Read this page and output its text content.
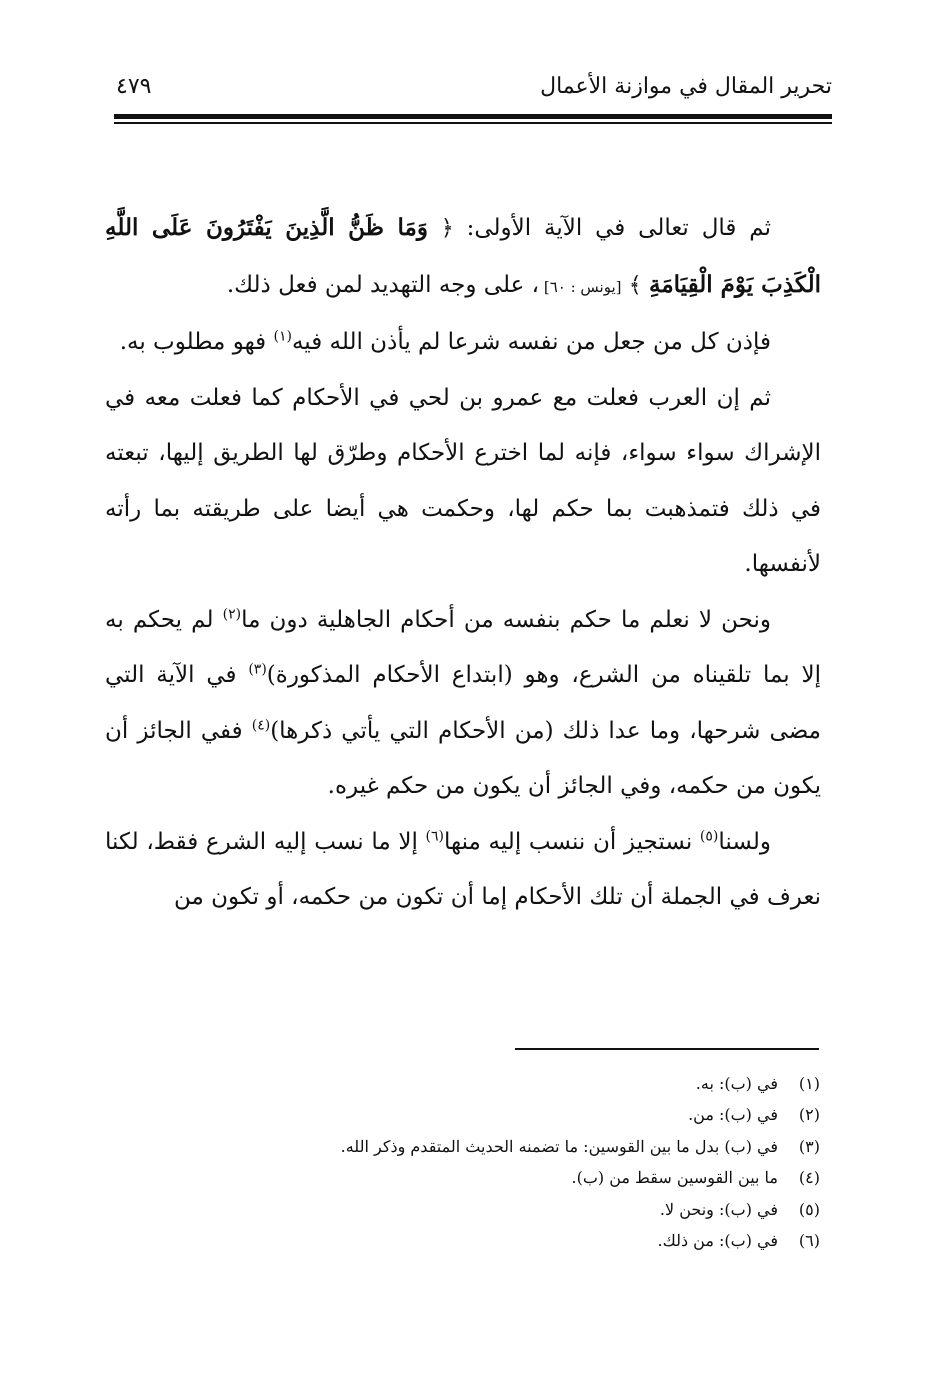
تحرير المقال في موازنة الأعمال
٤٧٩

ثم قال تعالى في الآية الأولى: ﴿ وَمَا ظَنُّ الَّذِينَ يَفْتَرُونَ عَلَى اللَّهِ الْكَذِبَ يَوْمَ الْقِيَامَةِ ﴾ [يونس : ٦٠] ، على وجه التهديد لمن فعل ذلك.

فإذن كل من جعل من نفسه شرعا لم يأذن الله فيه$^{(١)}$ فهو مطلوب به.

ثم إن العرب فعلت مع عمرو بن لحي في الأحكام كما فعلت معه في الإشراك سواء سواء، فإنه لما اخترع الأحكام وطرّق لها الطريق إليها، تبعته في ذلك فتمذهبت بما حكم لها، وحكمت هي أيضا على طريقته بما رأته لأنفسها.

ونحن لا نعلم ما حكم بنفسه من أحكام الجاهلية دون ما$^{(٢)}$ لم يحكم به إلا بما تلقيناه من الشرع، وهو (ابتداع الأحكام المذكورة)$^{(٣)}$ في الآية التي مضى شرحها، وما عدا ذلك (من الأحكام التي يأتي ذكرها)$^{(٤)}$ ففي الجائز أن يكون من حكمه، وفي الجائز أن يكون من حكم غيره.

ولسنا$^{(٥)}$ نستجيز أن ننسب إليه منها$^{(٦)}$ إلا ما نسب إليه الشرع فقط، لكنا نعرف في الجملة أن تلك الأحكام إما أن تكون من حكمه، أو تكون من

(١)في (ب): به.
(٢)في (ب): من.
(٣)في (ب) بدل ما بين القوسين: ما تضمنه الحديث المتقدم وذكر الله.
(٤)ما بين القوسين سقط من (ب).
(٥)في (ب): ونحن لا.
(٦)في (ب): من ذلك.
